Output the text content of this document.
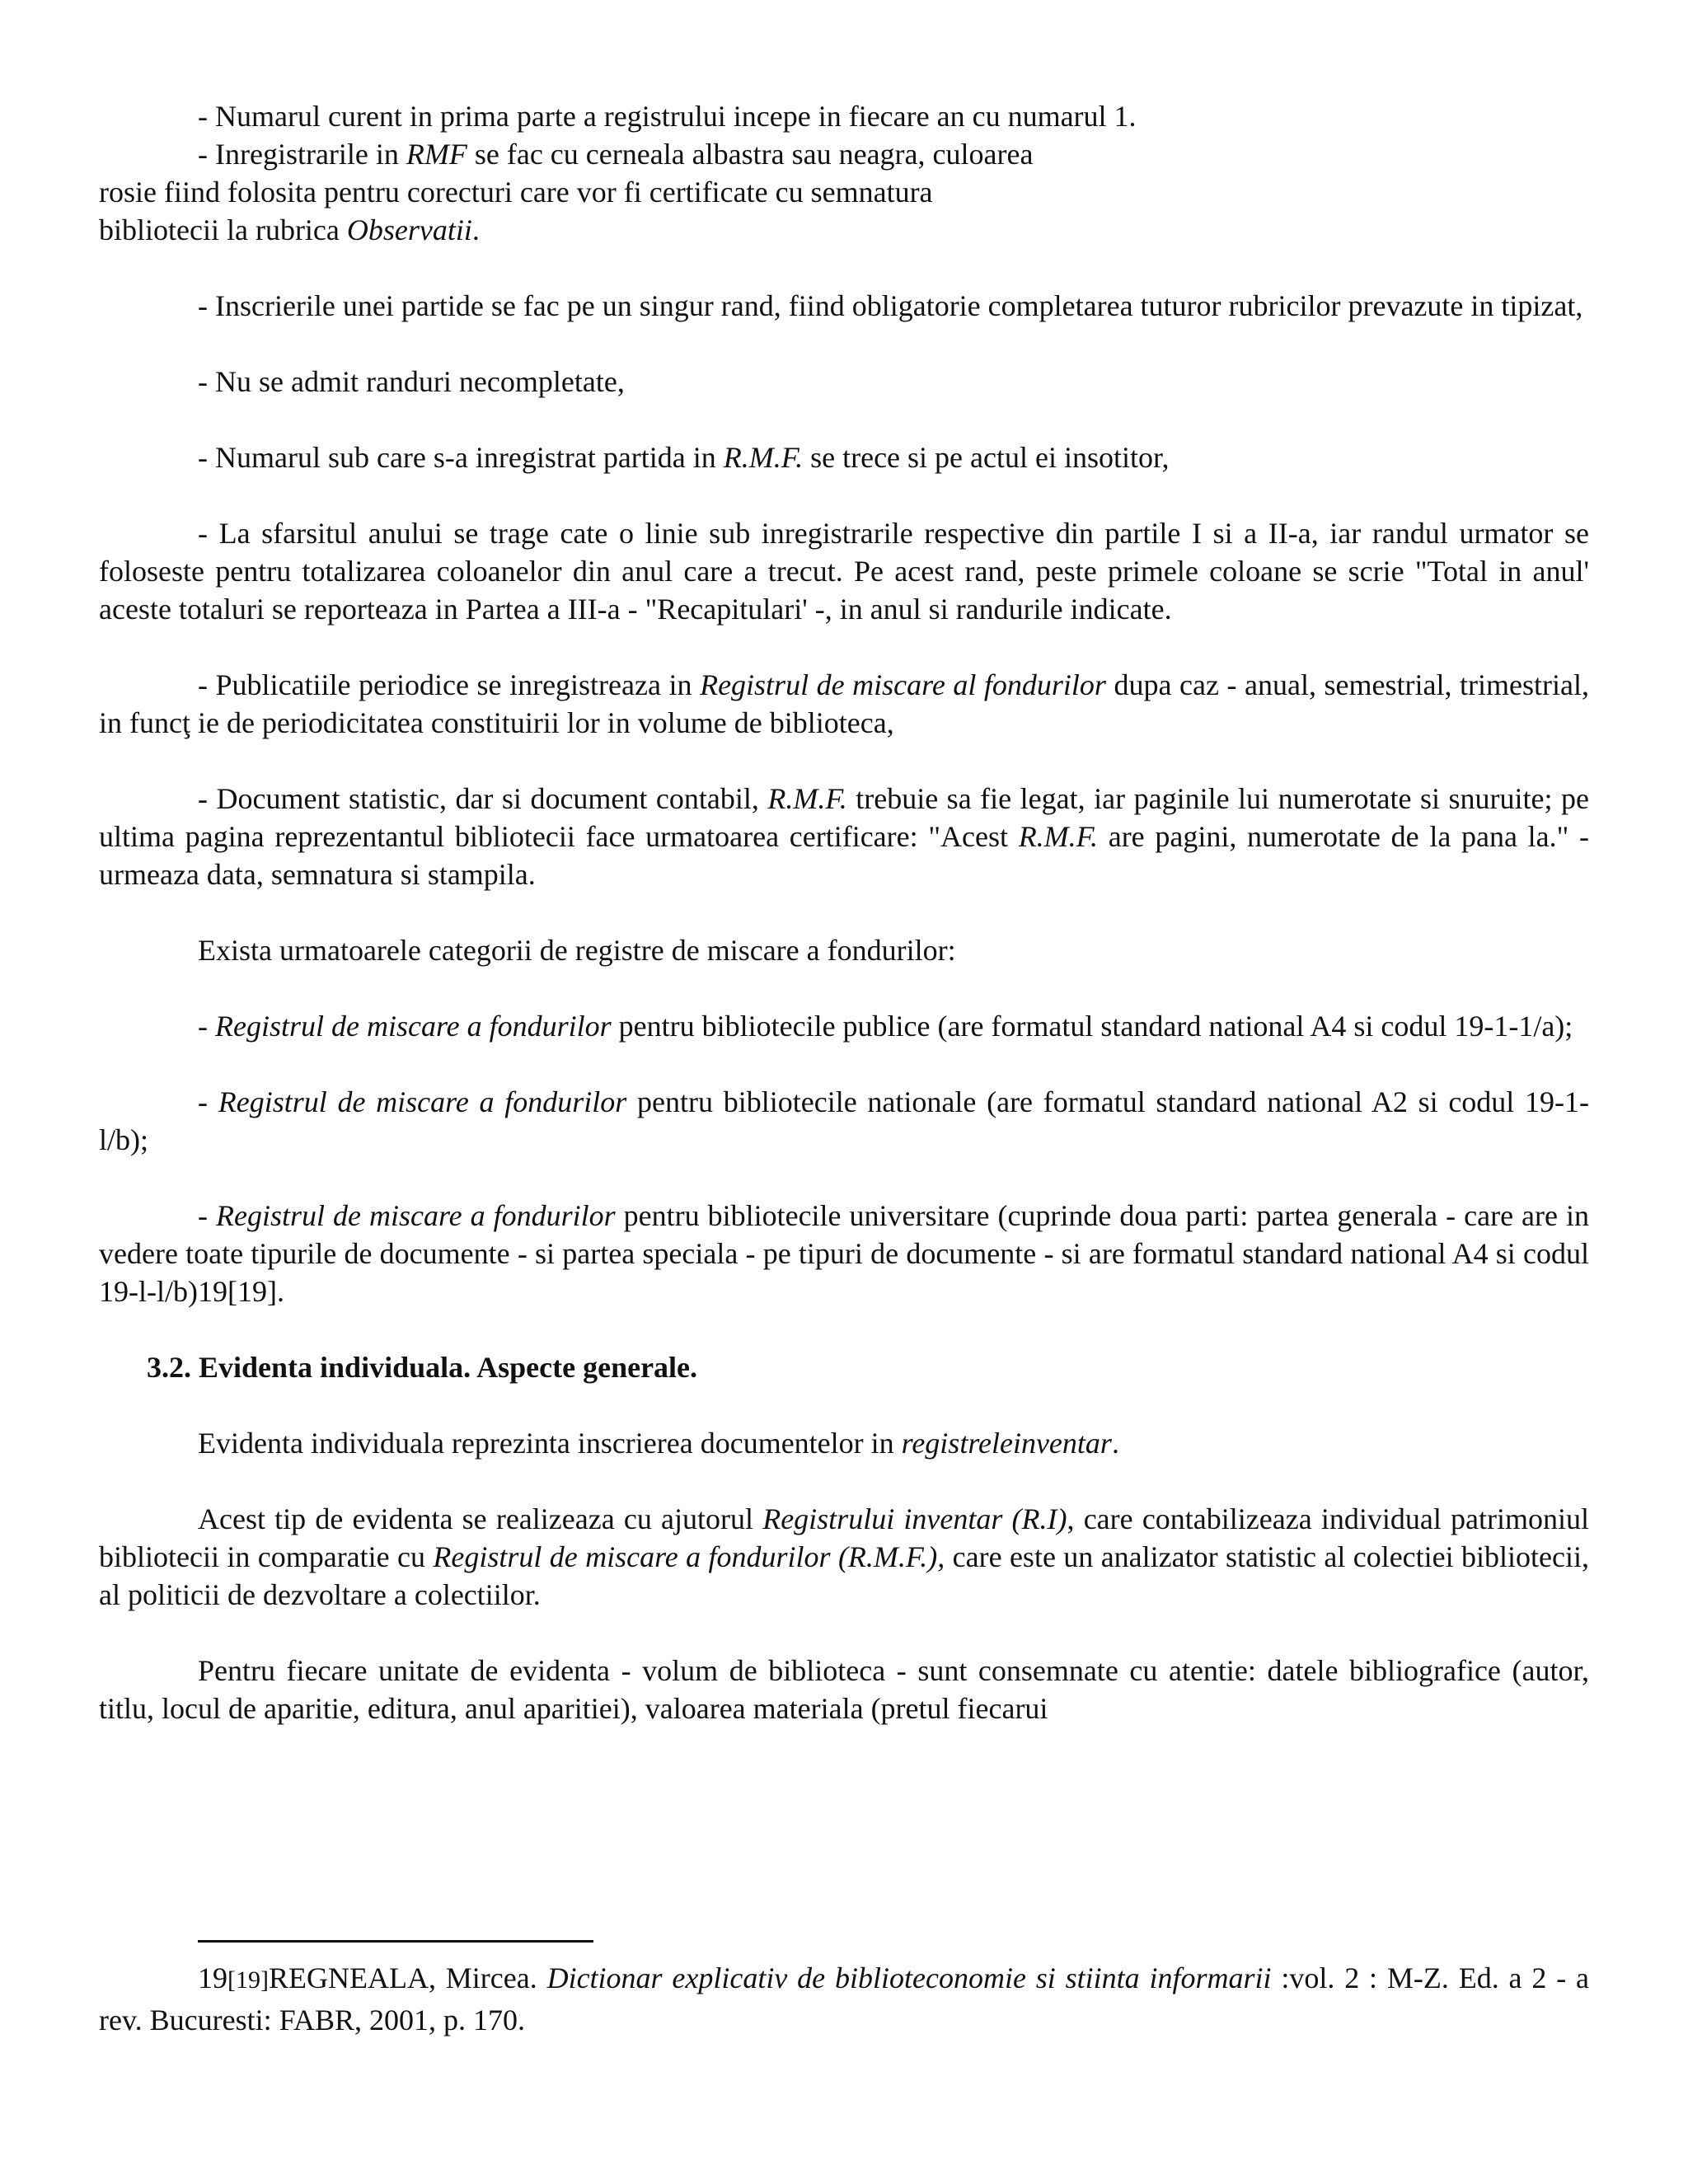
- Numarul curent in prima parte a registrului incepe in fiecare an cu numarul 1.

- Inregistrarile in RMF se fac cu cerneala albastra sau neagra, culoarea
rosie fiind folosita pentru corecturi care vor fi certificate cu semnatura
bibliotecii la rubrica Observatii.

- Inscrierile unei partide se fac pe un singur rand, fiind obligatorie completarea tuturor rubricilor prevazute in tipizat,

- Nu se admit randuri necompletate,

- Numarul sub care s-a inregistrat partida in R.M.F. se trece si pe actul ei insotitor,

- La sfarsitul anului se trage cate o linie sub inregistrarile respective din partile I si a II-a, iar randul urmator se foloseste pentru totalizarea coloanelor din anul care a trecut. Pe acest rand, peste primele coloane se scrie "Total in anul' aceste totaluri se reporteaza in Partea a III-a - "Recapitulari' -, in anul si randurile indicate.

- Publicatiile periodice se inregistreaza in Registrul de miscare al fondurilor dupa caz - anual, semestrial, trimestrial, in funcţ ie de periodicitatea constituirii lor in volume de biblioteca,

- Document statistic, dar si document contabil, R.M.F. trebuie sa fie legat, iar paginile lui numerotate si snuruite; pe ultima pagina reprezentantul bibliotecii face urmatoarea certificare: "Acest R.M.F. are pagini, numerotate de la pana la." - urmeaza data, semnatura si stampila.

Exista urmatoarele categorii de registre de miscare a fondurilor:

- Registrul de miscare a fondurilor pentru bibliotecile publice (are formatul standard national A4 si codul 19-1-1/a);

- Registrul de miscare a fondurilor pentru bibliotecile nationale (are formatul standard national A2 si codul 19-1-l/b);

- Registrul de miscare a fondurilor pentru bibliotecile universitare (cuprinde doua parti: partea generala - care are in vedere toate tipurile de documente - si partea speciala - pe tipuri de documente - si are formatul standard national A4 si codul 19-l-l/b)19[19].

3.2. Evidenta individuala. Aspecte generale.

Evidenta individuala reprezinta inscrierea documentelor in registreleinventar.

Acest tip de evidenta se realizeaza cu ajutorul Registrului inventar (R.I), care contabilizeaza individual patrimoniul bibliotecii in comparatie cu Registrul de miscare a fondurilor (R.M.F.), care este un analizator statistic al colectiei bibliotecii, al politicii de dezvoltare a colectiilor.

Pentru fiecare unitate de evidenta - volum de biblioteca - sunt consemnate cu atentie: datele bibliografice (autor, titlu, locul de aparitie, editura, anul aparitiei), valoarea materiala (pretul fiecarui

19[19]REGNEALA, Mircea. Dictionar explicativ de biblioteconomie si stiinta informarii :vol. 2 : M-Z. Ed. a 2 - a rev. Bucuresti: FABR, 2001, p. 170.
